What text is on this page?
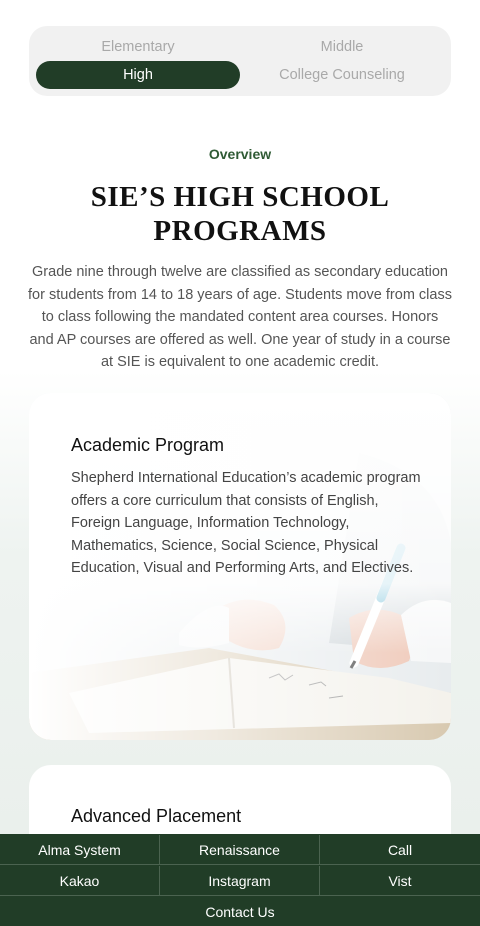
Elementary	Middle
High	College Counseling
Overview
SIE’S HIGH SCHOOL PROGRAMS

Grade nine through twelve are classified as secondary education for students from 14 to 18 years of age. Students move from class to class following the mandated content area courses. Honors and AP courses are offered as well. One year of study in a course at SIE is equivalent to one academic credit.

Academic Program

Shepherd International Education’s academic program offers a core curriculum that consists of English, Foreign Language, Information Technology, Mathematics, Science, Social Science, Physical Education, Visual and Performing Arts, and Electives.

Advanced Placement
Alma System	Renaissance	Call
Kakao	Instagram	Vist
Contact Us
